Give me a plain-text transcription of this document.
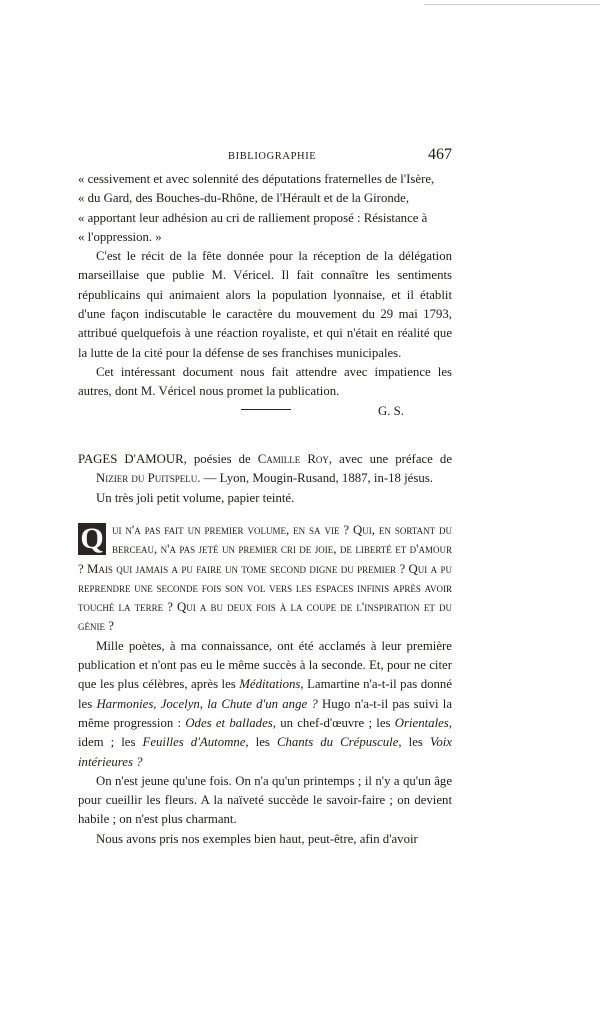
BIBLIOGRAPHIE	467

« cessivement et avec solennité des députations fraternelles de l'Isère,

« du Gard, des Bouches-du-Rhône, de l'Hérault et de la Gironde,

« apportant leur adhésion au cri de ralliement proposé : Résistance à

« l'oppression. »

C'est le récit de la fête donnée pour la réception de la délégation marseillaise que publie M. Véricel. Il fait connaître les sentiments républicains qui animaient alors la population lyonnaise, et il établit d'une façon indiscutable le caractère du mouvement du 29 mai 1793, attribué quelquefois à une réaction royaliste, et qui n'était en réalité que la lutte de la cité pour la défense de ses franchises municipales.

Cet intéressant document nous fait attendre avec impatience les autres, dont M. Véricel nous promet la publication.

G. S.

PAGES D'AMOUR, poésies de Camille Roy, avec une préface de Nizier du Puitspelu. — Lyon, Mougin-Rusand, 1887, in-18 jésus.

Un très joli petit volume, papier teinté.

Q ui n'a pas fait un premier volume, en sa vie ? Qui, en sortant du berceau, n'a pas jeté un premier cri de joie, de liberté et d'amour ? Mais qui jamais a pu faire un tome second digne du premier ? Qui a pu reprendre une seconde fois son vol vers les espaces infinis après avoir touché la terre ? Qui a bu deux fois à la coupe de l'inspiration et du génie ?

Mille poètes, à ma connaissance, ont été acclamés à leur première publication et n'ont pas eu le même succès à la seconde. Et, pour ne citer que les plus célèbres, après les Méditations, Lamartine n'a-t-il pas donné les Harmonies, Jocelyn, la Chute d'un ange ? Hugo n'a-t-il pas suivi la même progression : Odes et ballades, un chef-d'œuvre ; les Orientales, idem ; les Feuilles d'Automne, les Chants du Crépuscule, les Voix intérieures ?

On n'est jeune qu'une fois. On n'a qu'un printemps ; il n'y a qu'un âge pour cueillir les fleurs. A la naïveté succède le savoir-faire ; on devient habile ; on n'est plus charmant.

Nous avons pris nos exemples bien haut, peut-être, afin d'avoir
